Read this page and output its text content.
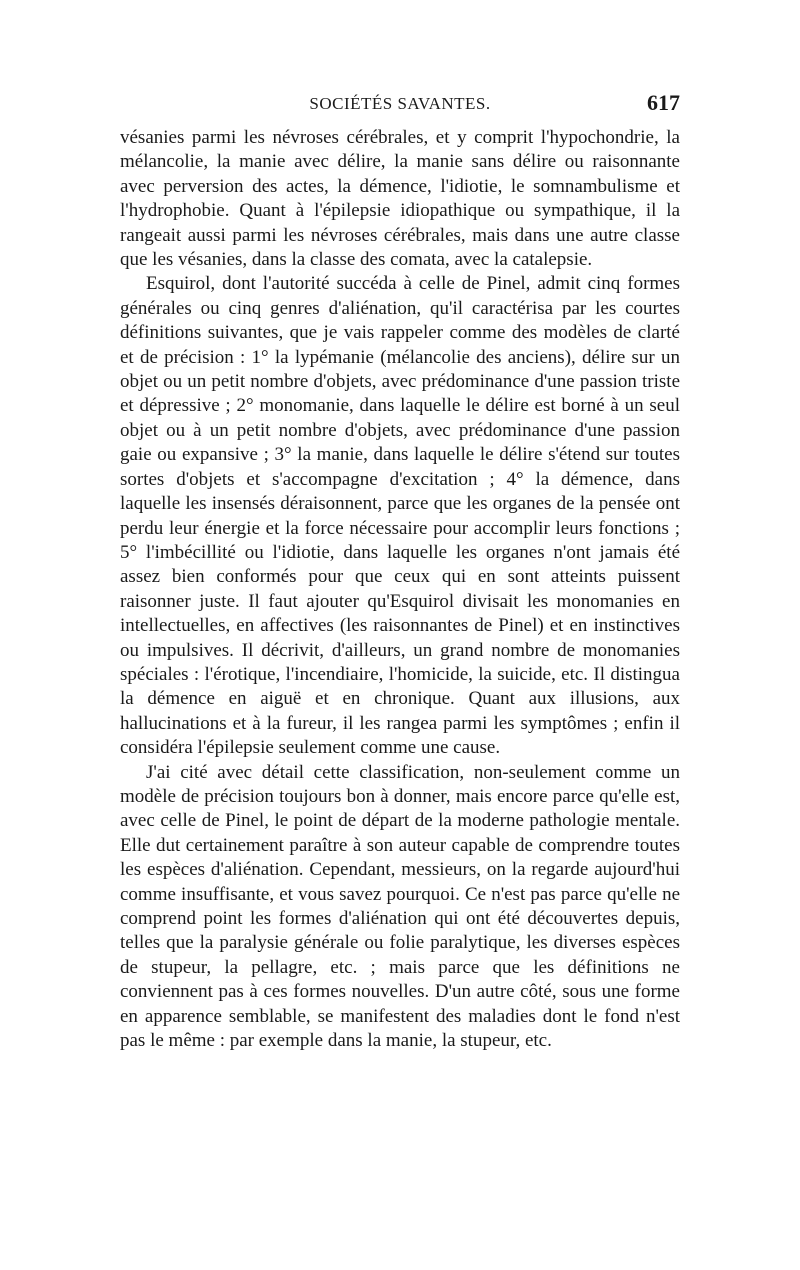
SOCIÉTÉS SAVANTES.	617

vésanies parmi les névroses cérébrales, et y comprit l'hypochondrie, la mélancolie, la manie avec délire, la manie sans délire ou raisonnante avec perversion des actes, la démence, l'idiotie, le somnambulisme et l'hydrophobie. Quant à l'épilepsie idiopathique ou sympathique, il la rangeait aussi parmi les névroses cérébrales, mais dans une autre classe que les vésanies, dans la classe des comata, avec la catalepsie.

Esquirol, dont l'autorité succéda à celle de Pinel, admit cinq formes générales ou cinq genres d'aliénation, qu'il caractérisa par les courtes définitions suivantes, que je vais rappeler comme des modèles de clarté et de précision : 1° la lypémanie (mélancolie des anciens), délire sur un objet ou un petit nombre d'objets, avec prédominance d'une passion triste et dépressive ; 2° monomanie, dans laquelle le délire est borné à un seul objet ou à un petit nombre d'objets, avec prédominance d'une passion gaie ou expansive ; 3° la manie, dans laquelle le délire s'étend sur toutes sortes d'objets et s'accompagne d'excitation ; 4° la démence, dans laquelle les insensés déraisonnent, parce que les organes de la pensée ont perdu leur énergie et la force nécessaire pour accomplir leurs fonctions ; 5° l'imbécillité ou l'idiotie, dans laquelle les organes n'ont jamais été assez bien conformés pour que ceux qui en sont atteints puissent raisonner juste. Il faut ajouter qu'Esquirol divisait les monomanies en intellectuelles, en affectives (les raisonnantes de Pinel) et en instinctives ou impulsives. Il décrivit, d'ailleurs, un grand nombre de monomanies spéciales : l'érotique, l'incendiaire, l'homicide, la suicide, etc. Il distingua la démence en aiguë et en chronique. Quant aux illusions, aux hallucinations et à la fureur, il les rangea parmi les symptômes ; enfin il considéra l'épilepsie seulement comme une cause.

J'ai cité avec détail cette classification, non-seulement comme un modèle de précision toujours bon à donner, mais encore parce qu'elle est, avec celle de Pinel, le point de départ de la moderne pathologie mentale. Elle dut certainement paraître à son auteur capable de comprendre toutes les espèces d'aliénation. Cependant, messieurs, on la regarde aujourd'hui comme insuffisante, et vous savez pourquoi. Ce n'est pas parce qu'elle ne comprend point les formes d'aliénation qui ont été découvertes depuis, telles que la paralysie générale ou folie paralytique, les diverses espèces de stupeur, la pellagre, etc. ; mais parce que les définitions ne conviennent pas à ces formes nouvelles. D'un autre côté, sous une forme en apparence semblable, se manifestent des maladies dont le fond n'est pas le même : par exemple dans la manie, la stupeur, etc.
